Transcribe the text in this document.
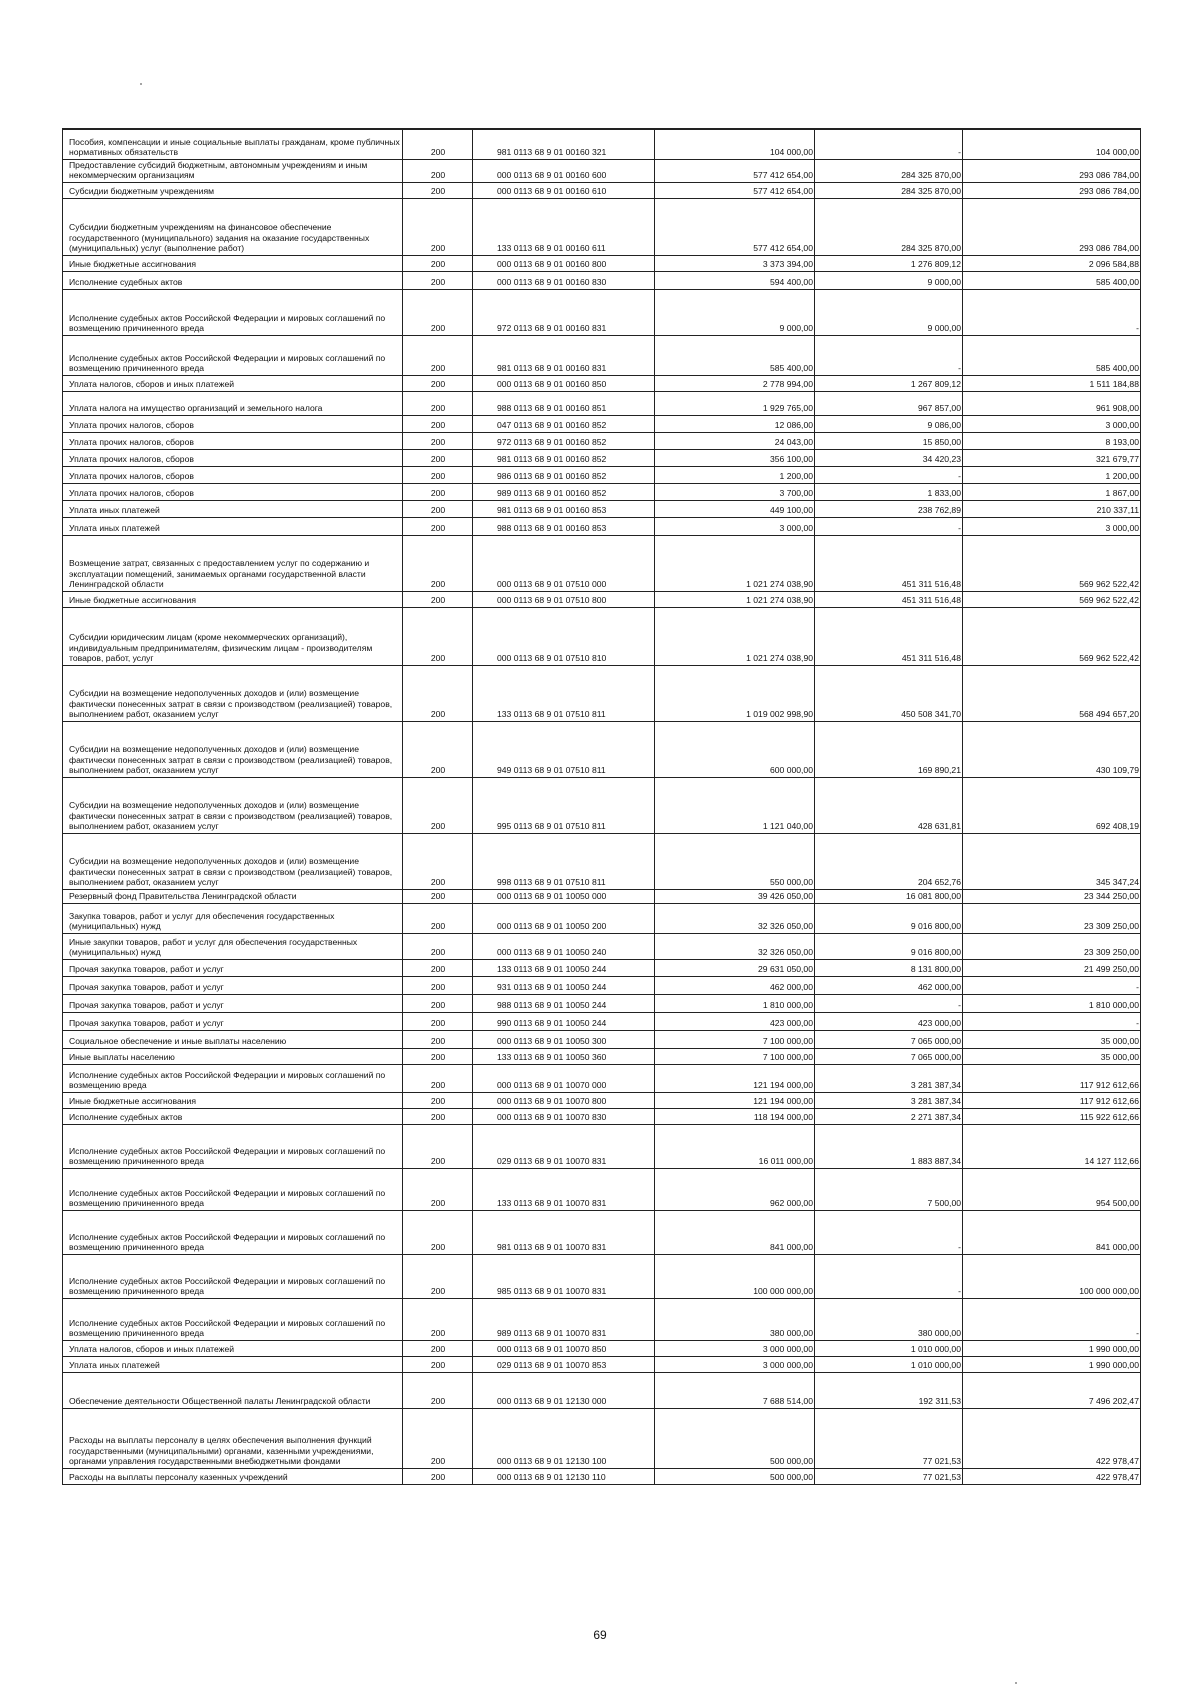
Пособия, компенсации и иные социальные выплаты гражданам, кроме публичных нормативных обязательств	200	981 0113 68 9 01 00160 321	104 000,00	-	104 000,00
Предоставление субсидий бюджетным, автономным учреждениям и иным некоммерческим организациям	200	000 0113 68 9 01 00160 600	577 412 654,00	284 325 870,00	293 086 784,00
Субсидии бюджетным учреждениям	200	000 0113 68 9 01 00160 610	577 412 654,00	284 325 870,00	293 086 784,00
Субсидии бюджетным учреждениям на финансовое обеспечение государственного (муниципального) задания на оказание государственных (муниципальных) услуг (выполнение работ)	200	133 0113 68 9 01 00160 611	577 412 654,00	284 325 870,00	293 086 784,00
Иные бюджетные ассигнования	200	000 0113 68 9 01 00160 800	3 373 394,00	1 276 809,12	2 096 584,88
Исполнение судебных актов	200	000 0113 68 9 01 00160 830	594 400,00	9 000,00	585 400,00
Исполнение судебных актов Российской Федерации и мировых соглашений по возмещению причиненного вреда	200	972 0113 68 9 01 00160 831	9 000,00	9 000,00	-
Исполнение судебных актов Российской Федерации и мировых соглашений по возмещению причиненного вреда	200	981 0113 68 9 01 00160 831	585 400,00	-	585 400,00
Уплата налогов, сборов и иных платежей	200	000 0113 68 9 01 00160 850	2 778 994,00	1 267 809,12	1 511 184,88
Уплата налога на имущество организаций и земельного налога	200	988 0113 68 9 01 00160 851	1 929 765,00	967 857,00	961 908,00
Уплата прочих налогов, сборов	200	047 0113 68 9 01 00160 852	12 086,00	9 086,00	3 000,00
Уплата прочих налогов, сборов	200	972 0113 68 9 01 00160 852	24 043,00	15 850,00	8 193,00
Уплата прочих налогов, сборов	200	981 0113 68 9 01 00160 852	356 100,00	34 420,23	321 679,77
Уплата прочих налогов, сборов	200	986 0113 68 9 01 00160 852	1 200,00	-	1 200,00
Уплата прочих налогов, сборов	200	989 0113 68 9 01 00160 852	3 700,00	1 833,00	1 867,00
Уплата иных платежей	200	981 0113 68 9 01 00160 853	449 100,00	238 762,89	210 337,11
Уплата иных платежей	200	988 0113 68 9 01 00160 853	3 000,00	-	3 000,00
Возмещение затрат, связанных с предоставлением услуг по содержанию и эксплуатации помещений, занимаемых органами государственной власти Ленинградской области	200	000 0113 68 9 01 07510 000	1 021 274 038,90	451 311 516,48	569 962 522,42
Иные бюджетные ассигнования	200	000 0113 68 9 01 07510 800	1 021 274 038,90	451 311 516,48	569 962 522,42
Субсидии юридическим лицам (кроме некоммерческих организаций), индивидуальным предпринимателям, физическим лицам - производителям товаров, работ, услуг	200	000 0113 68 9 01 07510 810	1 021 274 038,90	451 311 516,48	569 962 522,42
Субсидии на возмещение недополученных доходов и (или) возмещение фактически понесенных затрат в связи с производством (реализацией) товаров, выполнением работ, оказанием услуг	200	133 0113 68 9 01 07510 811	1 019 002 998,90	450 508 341,70	568 494 657,20
Субсидии на возмещение недополученных доходов и (или) возмещение фактически понесенных затрат в связи с производством (реализацией) товаров, выполнением работ, оказанием услуг	200	949 0113 68 9 01 07510 811	600 000,00	169 890,21	430 109,79
Субсидии на возмещение недополученных доходов и (или) возмещение фактически понесенных затрат в связи с производством (реализацией) товаров, выполнением работ, оказанием услуг	200	995 0113 68 9 01 07510 811	1 121 040,00	428 631,81	692 408,19
Субсидии на возмещение недополученных доходов и (или) возмещение фактически понесенных затрат в связи с производством (реализацией) товаров, выполнением работ, оказанием услуг	200	998 0113 68 9 01 07510 811	550 000,00	204 652,76	345 347,24
Резервный фонд Правительства Ленинградской области	200	000 0113 68 9 01 10050 000	39 426 050,00	16 081 800,00	23 344 250,00
Закупка товаров, работ и услуг для обеспечения государственных (муниципальных) нужд	200	000 0113 68 9 01 10050 200	32 326 050,00	9 016 800,00	23 309 250,00
Иные закупки товаров, работ и услуг для обеспечения государственных (муниципальных) нужд	200	000 0113 68 9 01 10050 240	32 326 050,00	9 016 800,00	23 309 250,00
Прочая закупка товаров, работ и услуг	200	133 0113 68 9 01 10050 244	29 631 050,00	8 131 800,00	21 499 250,00
Прочая закупка товаров, работ и услуг	200	931 0113 68 9 01 10050 244	462 000,00	462 000,00	-
Прочая закупка товаров, работ и услуг	200	988 0113 68 9 01 10050 244	1 810 000,00	-	1 810 000,00
Прочая закупка товаров, работ и услуг	200	990 0113 68 9 01 10050 244	423 000,00	423 000,00	-
Социальное обеспечение и иные выплаты населению	200	000 0113 68 9 01 10050 300	7 100 000,00	7 065 000,00	35 000,00
Иные выплаты населению	200	133 0113 68 9 01 10050 360	7 100 000,00	7 065 000,00	35 000,00
Исполнение судебных актов Российской Федерации и мировых соглашений по возмещению вреда	200	000 0113 68 9 01 10070 000	121 194 000,00	3 281 387,34	117 912 612,66
Иные бюджетные ассигнования	200	000 0113 68 9 01 10070 800	121 194 000,00	3 281 387,34	117 912 612,66
Исполнение судебных актов	200	000 0113 68 9 01 10070 830	118 194 000,00	2 271 387,34	115 922 612,66
Исполнение судебных актов Российской Федерации и мировых соглашений по возмещению причиненного вреда	200	029 0113 68 9 01 10070 831	16 011 000,00	1 883 887,34	14 127 112,66
Исполнение судебных актов Российской Федерации и мировых соглашений по возмещению причиненного вреда	200	133 0113 68 9 01 10070 831	962 000,00	7 500,00	954 500,00
Исполнение судебных актов Российской Федерации и мировых соглашений по возмещению причиненного вреда	200	981 0113 68 9 01 10070 831	841 000,00	-	841 000,00
Исполнение судебных актов Российской Федерации и мировых соглашений по возмещению причиненного вреда	200	985 0113 68 9 01 10070 831	100 000 000,00	-	100 000 000,00
Исполнение судебных актов Российской Федерации и мировых соглашений по возмещению причиненного вреда	200	989 0113 68 9 01 10070 831	380 000,00	380 000,00	-
Уплата налогов, сборов и иных платежей	200	000 0113 68 9 01 10070 850	3 000 000,00	1 010 000,00	1 990 000,00
Уплата иных платежей	200	029 0113 68 9 01 10070 853	3 000 000,00	1 010 000,00	1 990 000,00
Обеспечение деятельности Общественной палаты Ленинградской области	200	000 0113 68 9 01 12130 000	7 688 514,00	192 311,53	7 496 202,47
Расходы на выплаты персоналу в целях обеспечения выполнения функций государственными (муниципальными) органами, казенными учреждениями, органами управления государственными внебюджетными фондами	200	000 0113 68 9 01 12130 100	500 000,00	77 021,53	422 978,47
Расходы на выплаты персоналу казенных учреждений	200	000 0113 68 9 01 12130 110	500 000,00	77 021,53	422 978,47
69
